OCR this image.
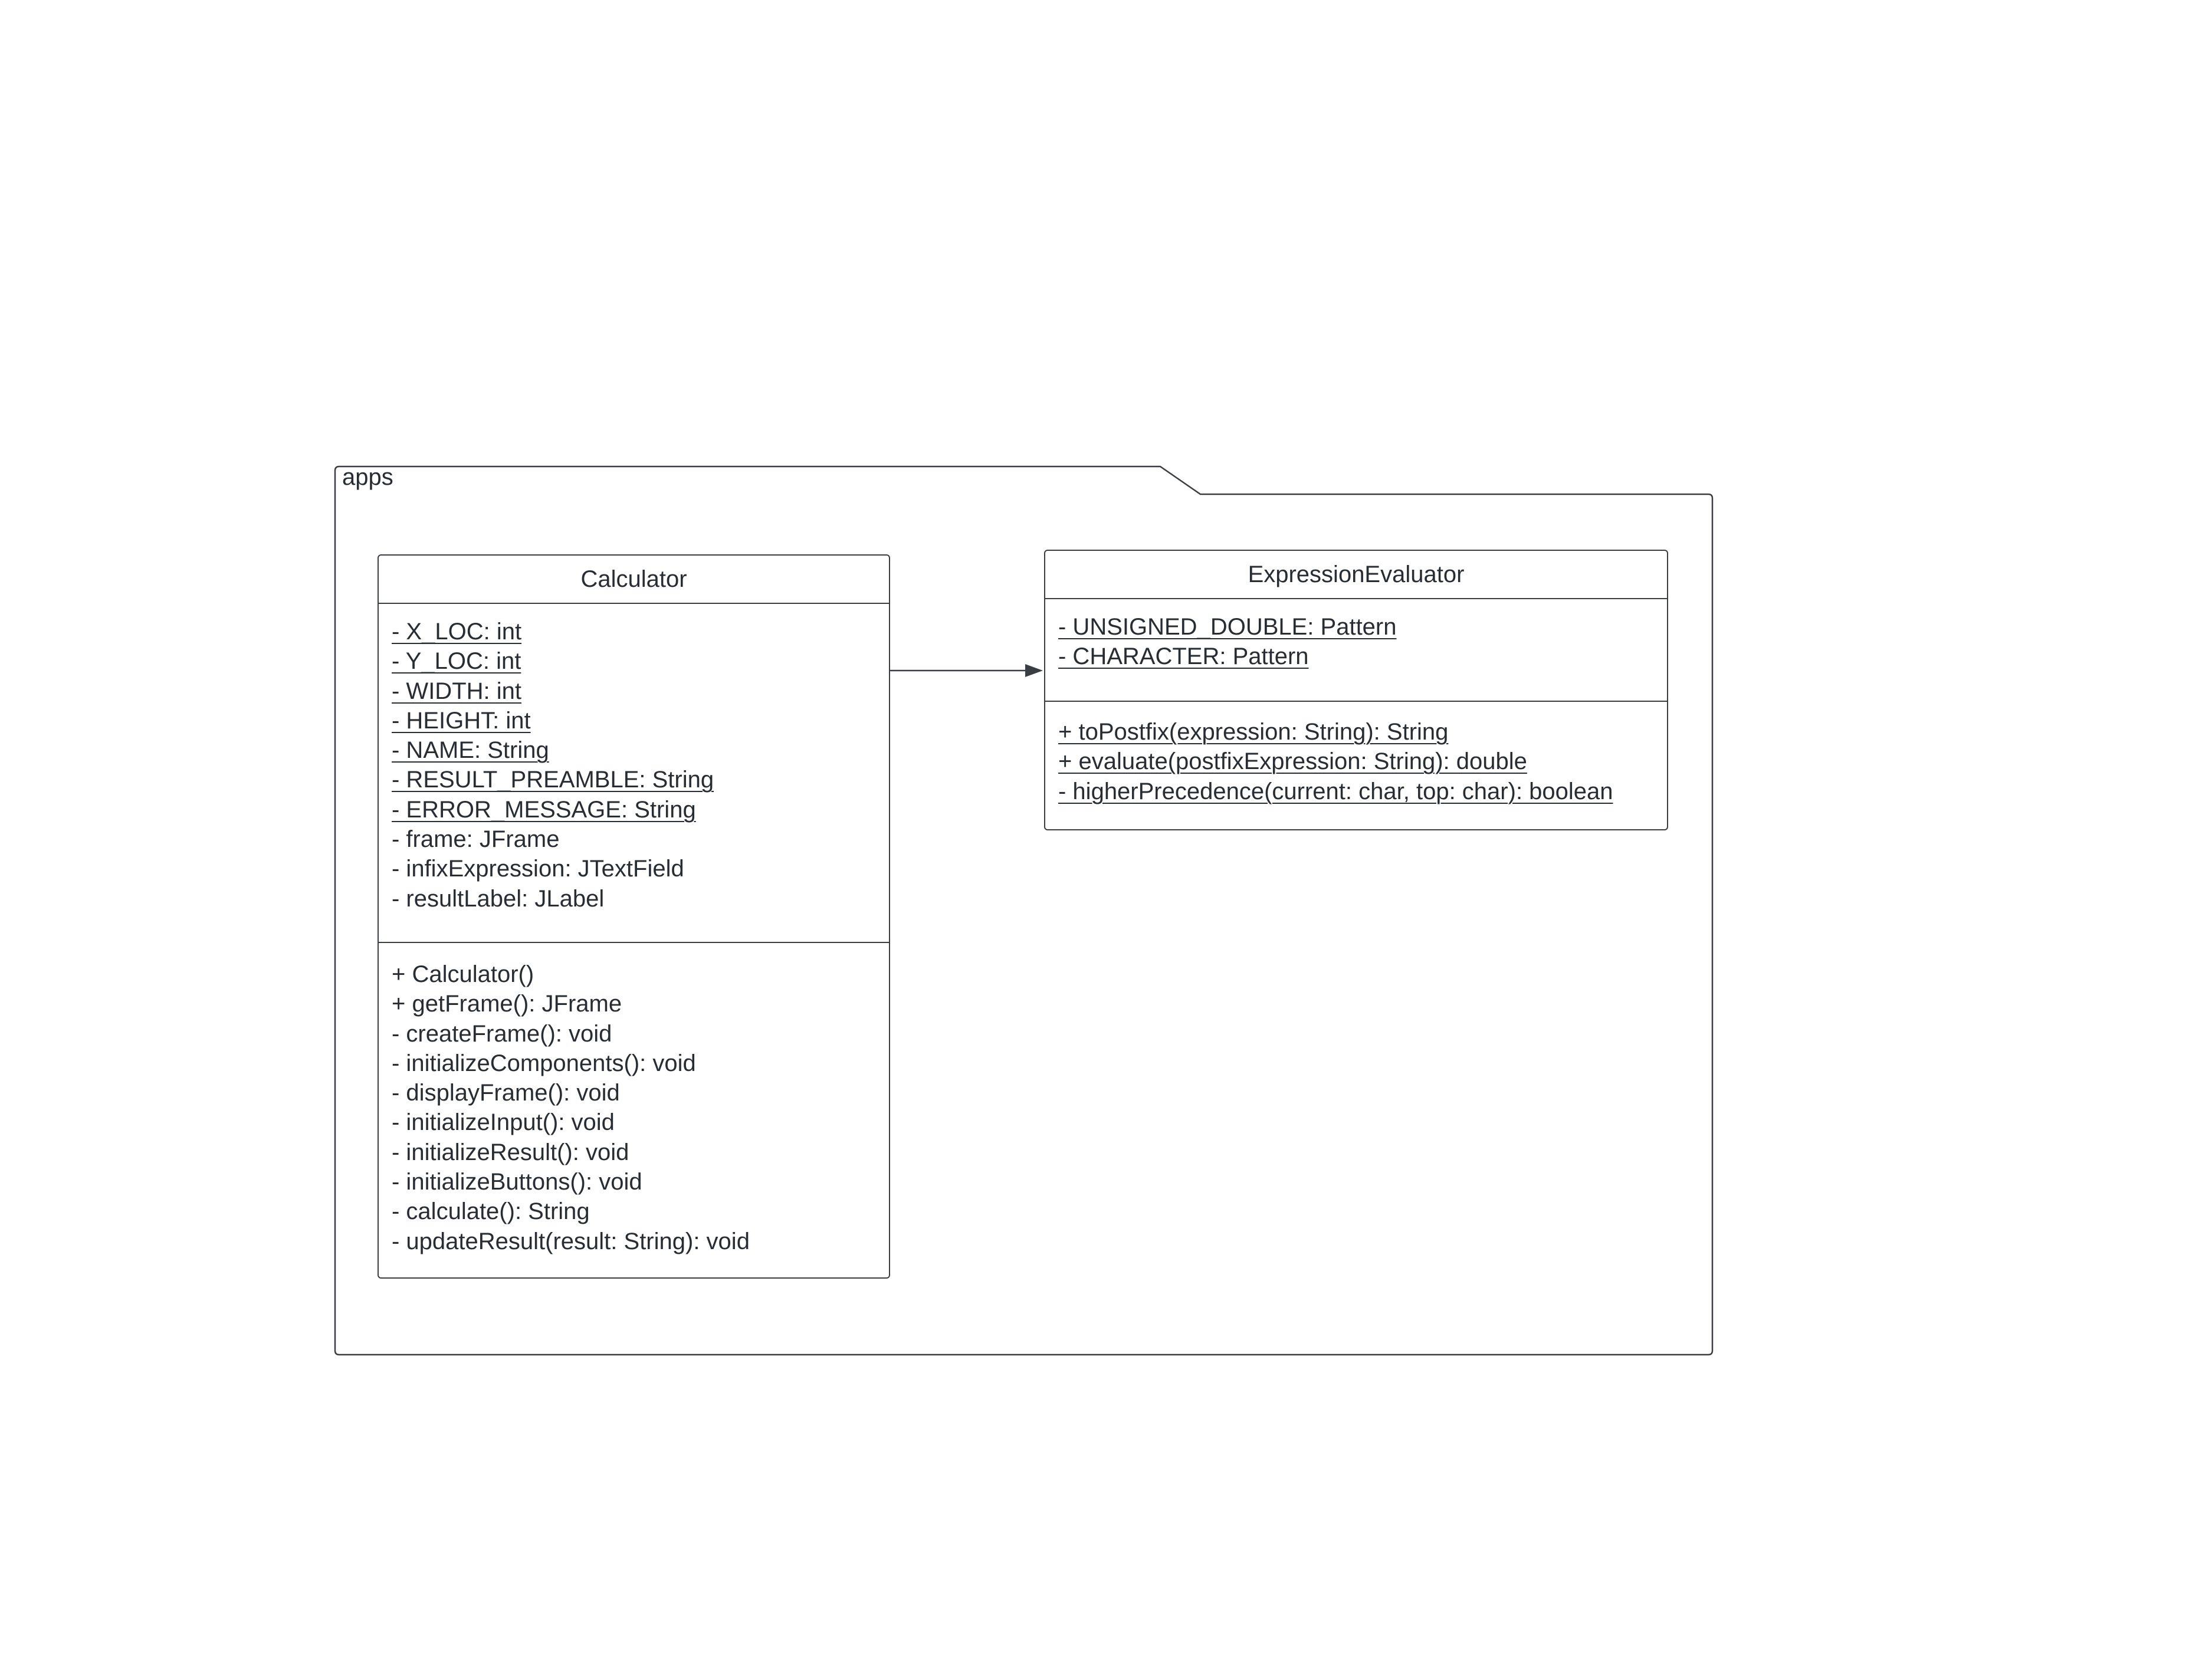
apps
Calculator
- X_LOC: int
- Y_LOC: int
- WIDTH: int
- HEIGHT: int
- NAME: String
- RESULT_PREAMBLE: String
- ERROR_MESSAGE: String
- frame: JFrame
- infixExpression: JTextField
- resultLabel: JLabel
+ Calculator()
+ getFrame(): JFrame
- createFrame(): void
- initializeComponents(): void
- displayFrame(): void
- initializeInput(): void
- initializeResult(): void
- initializeButtons(): void
- calculate(): String
- updateResult(result: String): void
ExpressionEvaluator
- UNSIGNED_DOUBLE: Pattern
- CHARACTER: Pattern
+ toPostfix(expression: String): String
+ evaluate(postfixExpression: String): double
- higherPrecedence(current: char, top: char): boolean
